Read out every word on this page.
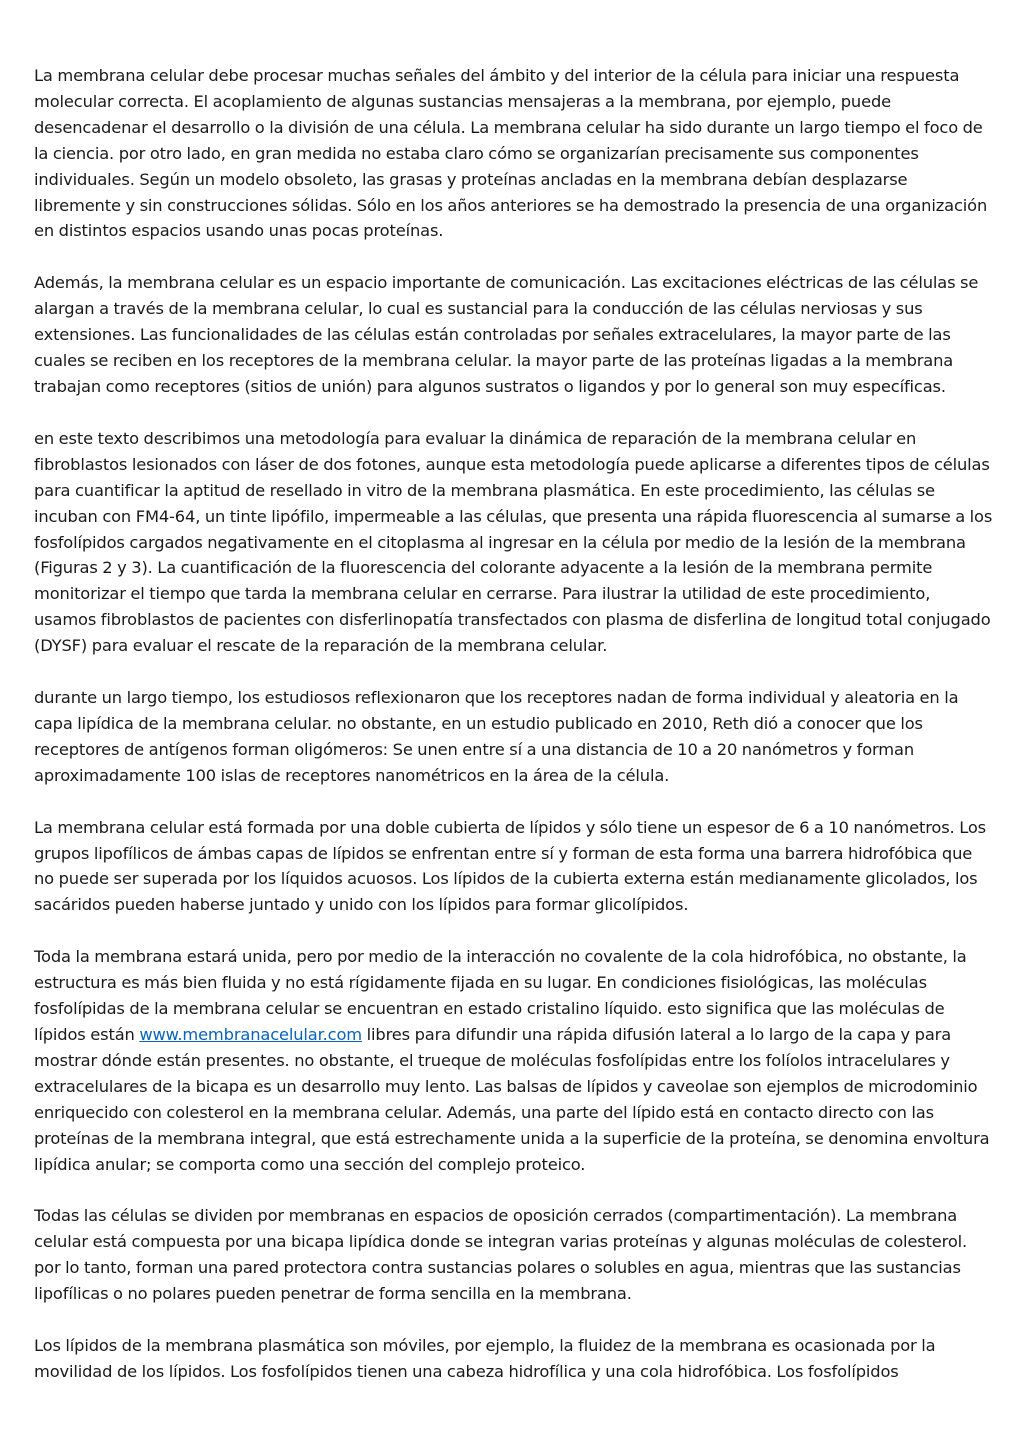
La membrana celular debe procesar muchas señales del ámbito y del interior de la célula para iniciar una respuesta molecular correcta. El acoplamiento de algunas sustancias mensajeras a la membrana, por ejemplo, puede desencadenar el desarrollo o la división de una célula. La membrana celular ha sido durante un largo tiempo el foco de la ciencia. por otro lado, en gran medida no estaba claro cómo se organizarían precisamente sus componentes individuales. Según un modelo obsoleto, las grasas y proteínas ancladas en la membrana debían desplazarse libremente y sin construcciones sólidas. Sólo en los años anteriores se ha demostrado la presencia de una organización en distintos espacios usando unas pocas proteínas.

Además, la membrana celular es un espacio importante de comunicación. Las excitaciones eléctricas de las células se alargan a través de la membrana celular, lo cual es sustancial para la conducción de las células nerviosas y sus extensiones. Las funcionalidades de las células están controladas por señales extracelulares, la mayor parte de las cuales se reciben en los receptores de la membrana celular. la mayor parte de las proteínas ligadas a la membrana trabajan como receptores (sitios de unión) para algunos sustratos o ligandos y por lo general son muy específicas.

en este texto describimos una metodología para evaluar la dinámica de reparación de la membrana celular en fibroblastos lesionados con láser de dos fotones, aunque esta metodología puede aplicarse a diferentes tipos de células para cuantificar la aptitud de resellado in vitro de la membrana plasmática. En este procedimiento, las células se incuban con FM4-64, un tinte lipófilo, impermeable a las células, que presenta una rápida fluorescencia al sumarse a los fosfolípidos cargados negativamente en el citoplasma al ingresar en la célula por medio de la lesión de la membrana (Figuras 2 y 3). La cuantificación de la fluorescencia del colorante adyacente a la lesión de la membrana permite monitorizar el tiempo que tarda la membrana celular en cerrarse. Para ilustrar la utilidad de este procedimiento, usamos fibroblastos de pacientes con disferlinopatía transfectados con plasma de disferlina de longitud total conjugado (DYSF) para evaluar el rescate de la reparación de la membrana celular.

durante un largo tiempo, los estudiosos reflexionaron que los receptores nadan de forma individual y aleatoria en la capa lipídica de la membrana celular. no obstante, en un estudio publicado en 2010, Reth dió a conocer que los receptores de antígenos forman oligómeros: Se unen entre sí a una distancia de 10 a 20 nanómetros y forman aproximadamente 100 islas de receptores nanométricos en la área de la célula.

La membrana celular está formada por una doble cubierta de lípidos y sólo tiene un espesor de 6 a 10 nanómetros. Los grupos lipofílicos de ámbas capas de lípidos se enfrentan entre sí y forman de esta forma una barrera hidrofóbica que no puede ser superada por los líquidos acuosos. Los lípidos de la cubierta externa están medianamente glicolados, los sacáridos pueden haberse juntado y unido con los lípidos para formar glicolípidos.

Toda la membrana estará unida, pero por medio de la interacción no covalente de la cola hidrofóbica, no obstante, la estructura es más bien fluida y no está rígidamente fijada en su lugar. En condiciones fisiológicas, las moléculas fosfolípidas de la membrana celular se encuentran en estado cristalino líquido. esto significa que las moléculas de lípidos están www.membranacelular.com libres para difundir una rápida difusión lateral a lo largo de la capa y para mostrar dónde están presentes. no obstante, el trueque de moléculas fosfolípidas entre los folíolos intracelulares y extracelulares de la bicapa es un desarrollo muy lento. Las balsas de lípidos y caveolae son ejemplos de microdominio enriquecido con colesterol en la membrana celular. Además, una parte del lípido está en contacto directo con las proteínas de la membrana integral, que está estrechamente unida a la superficie de la proteína, se denomina envoltura lipídica anular; se comporta como una sección del complejo proteico.

Todas las células se dividen por membranas en espacios de oposición cerrados (compartimentación). La membrana celular está compuesta por una bicapa lipídica donde se integran varias proteínas y algunas moléculas de colesterol. por lo tanto, forman una pared protectora contra sustancias polares o solubles en agua, mientras que las sustancias lipofílicas o no polares pueden penetrar de forma sencilla en la membrana.

Los lípidos de la membrana plasmática son móviles, por ejemplo, la fluidez de la membrana es ocasionada por la movilidad de los lípidos. Los fosfolípidos tienen una cabeza hidrofílica y una cola hidrofóbica. Los fosfolípidos
